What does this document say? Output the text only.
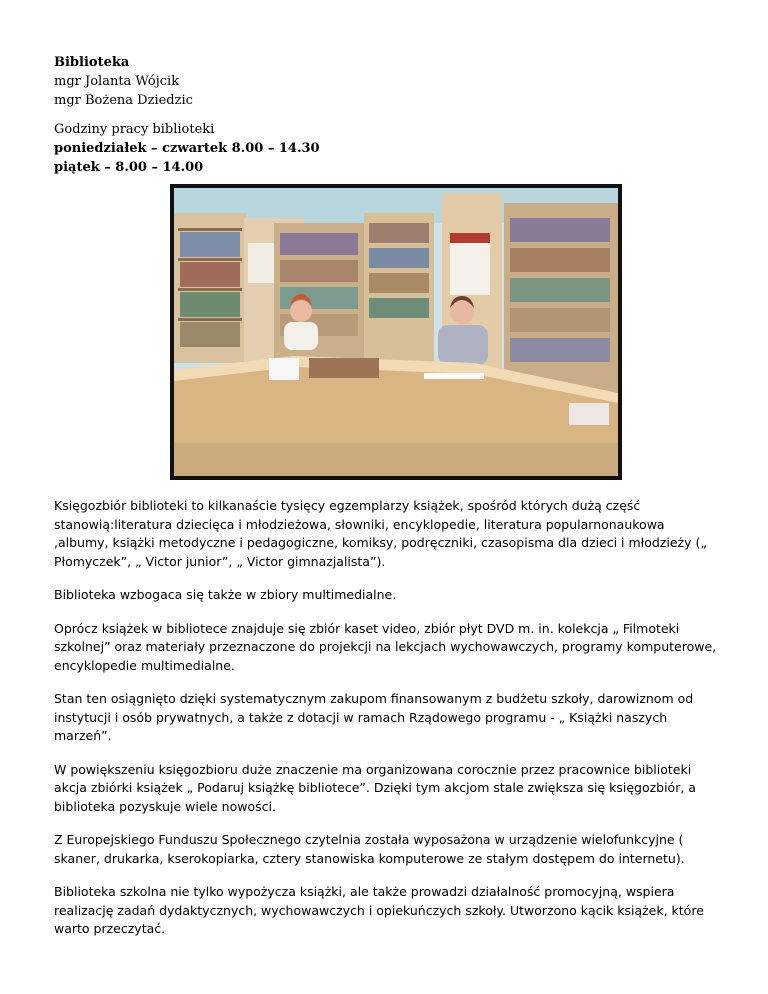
Biblioteka
mgr Jolanta Wójcik
mgr Bożena Dziedzic
Godziny pracy biblioteki
poniedziałek – czwartek 8.00 – 14.30
piątek – 8.00 – 14.00

Księgozbiór biblioteki to kilkanaście tysięcy egzemplarzy książek, spośród których dużą część stanowią:literatura dziecięca i młodzieżowa, słowniki, encyklopedie, literatura popularnonaukowa ,albumy, książki metodyczne i pedagogiczne, komiksy, podręczniki, czasopisma dla dzieci i młodzieży („ Płomyczek”, „ Victor junior”, „ Victor gimnazjalista”).

Biblioteka wzbogaca się także w zbiory multimedialne.

Oprócz książek w bibliotece znajduje się zbiór kaset video, zbiór płyt DVD m. in. kolekcja „ Filmoteki szkolnej” oraz materiały przeznaczone do projekcji na lekcjach wychowawczych, programy komputerowe, encyklopedie multimedialne.

Stan ten osiągnięto dzięki systematycznym zakupom finansowanym z budżetu szkoły, darowiznom od instytucji i osób prywatnych, a także z dotacji w ramach Rządowego programu - „ Książki naszych marzeń”.

W powiększeniu księgozbioru duże znaczenie ma organizowana corocznie przez pracownice biblioteki akcja zbiórki książek „ Podaruj książkę bibliotece”. Dzięki tym akcjom stale zwiększa się księgozbiór, a biblioteka pozyskuje wiele nowości.

Z Europejskiego Funduszu Społecznego czytelnia została wyposażona w urządzenie wielofunkcyjne ( skaner, drukarka, kserokopiarka, cztery stanowiska komputerowe ze stałym dostępem do internetu).

Biblioteka szkolna nie tylko wypożycza książki, ale także prowadzi działalność promocyjną, wspiera realizację zadań dydaktycznych, wychowawczych i opiekuńczych szkoły. Utworzono kącik książek, które warto przeczytać.
